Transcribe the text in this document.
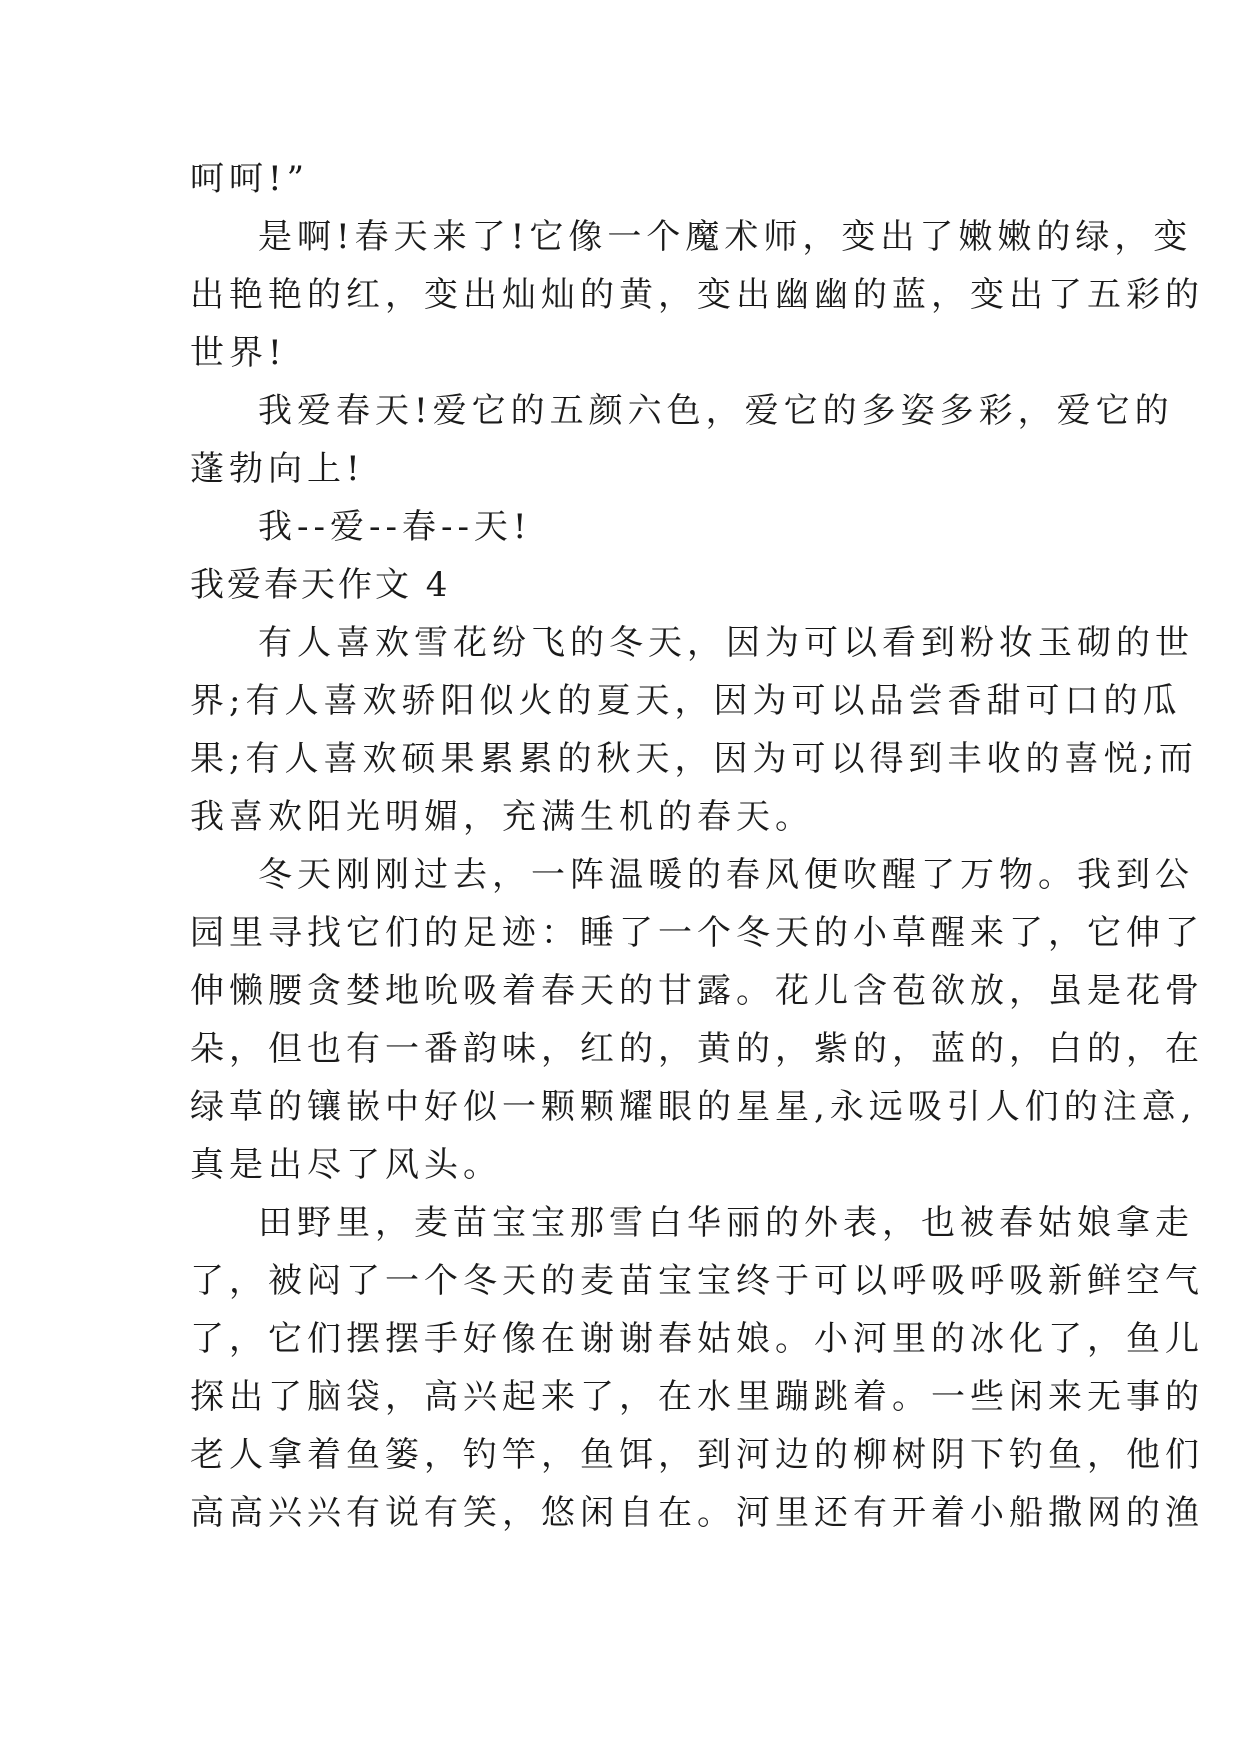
呵呵!”
是啊!春天来了!它像一个魔术师，变出了嫩嫩的绿，变
出艳艳的红，变出灿灿的黄，变出幽幽的蓝，变出了五彩的
世界!
我爱春天!爱它的五颜六色，爱它的多姿多彩，爱它的
蓬勃向上!
我--爱--春--天!
我爱春天作文 4
有人喜欢雪花纷飞的冬天，因为可以看到粉妆玉砌的世
界;有人喜欢骄阳似火的夏天，因为可以品尝香甜可口的瓜
果;有人喜欢硕果累累的秋天，因为可以得到丰收的喜悦;而
我喜欢阳光明媚，充满生机的春天。
冬天刚刚过去，一阵温暖的春风便吹醒了万物。我到公
园里寻找它们的足迹：睡了一个冬天的小草醒来了，它伸了
伸懒腰贪婪地吮吸着春天的甘露。花儿含苞欲放，虽是花骨
朵，但也有一番韵味，红的，黄的，紫的，蓝的，白的，在
绿草的镶嵌中好似一颗颗耀眼的星星,永远吸引人们的注意,
真是出尽了风头。
田野里，麦苗宝宝那雪白华丽的外表，也被春姑娘拿走
了，被闷了一个冬天的麦苗宝宝终于可以呼吸呼吸新鲜空气
了，它们摆摆手好像在谢谢春姑娘。小河里的冰化了，鱼儿
探出了脑袋，高兴起来了，在水里蹦跳着。一些闲来无事的
老人拿着鱼篓，钓竿，鱼饵，到河边的柳树阴下钓鱼，他们
高高兴兴有说有笑，悠闲自在。河里还有开着小船撒网的渔
